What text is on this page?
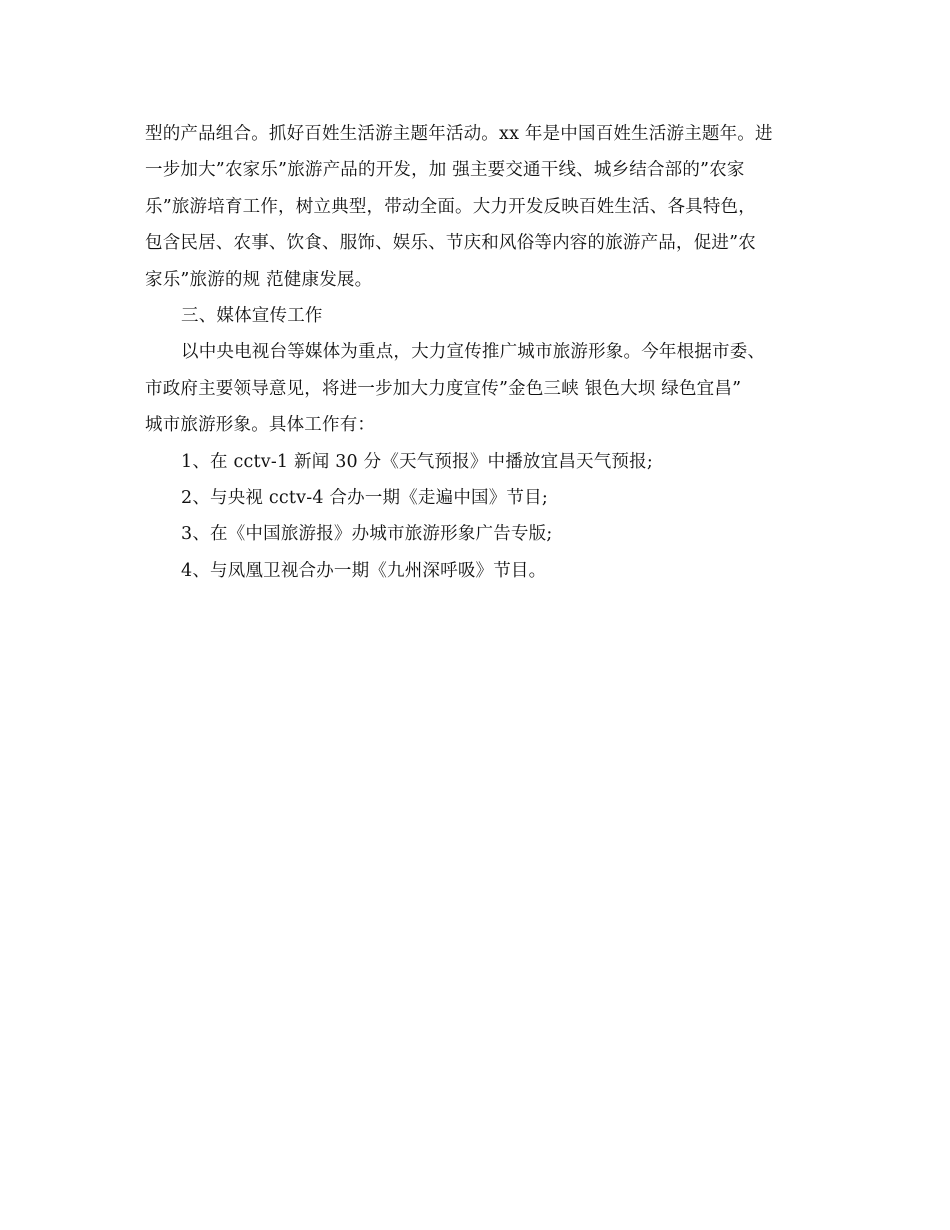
型的产品组合。抓好百姓生活游主题年活动。xx 年是中国百姓生活游主题年。进
一步加大”农家乐”旅游产品的开发，加 强主要交通干线、城乡结合部的”农家
乐”旅游培育工作，树立典型，带动全面。大力开发反映百姓生活、各具特色，
包含民居、农事、饮食、服饰、娱乐、节庆和风俗等内容的旅游产品，促进”农
家乐”旅游的规 范健康发展。
三、媒体宣传工作
以中央电视台等媒体为重点，大力宣传推广城市旅游形象。今年根据市委、
市政府主要领导意见，将进一步加大力度宣传”金色三峡 银色大坝 绿色宜昌”
城市旅游形象。具体工作有：
1、在 cctv-1 新闻 30 分《天气预报》中播放宜昌天气预报;
2、与央视 cctv-4 合办一期《走遍中国》节目;
3、在《中国旅游报》办城市旅游形象广告专版;
4、与凤凰卫视合办一期《九州深呼吸》节目。
